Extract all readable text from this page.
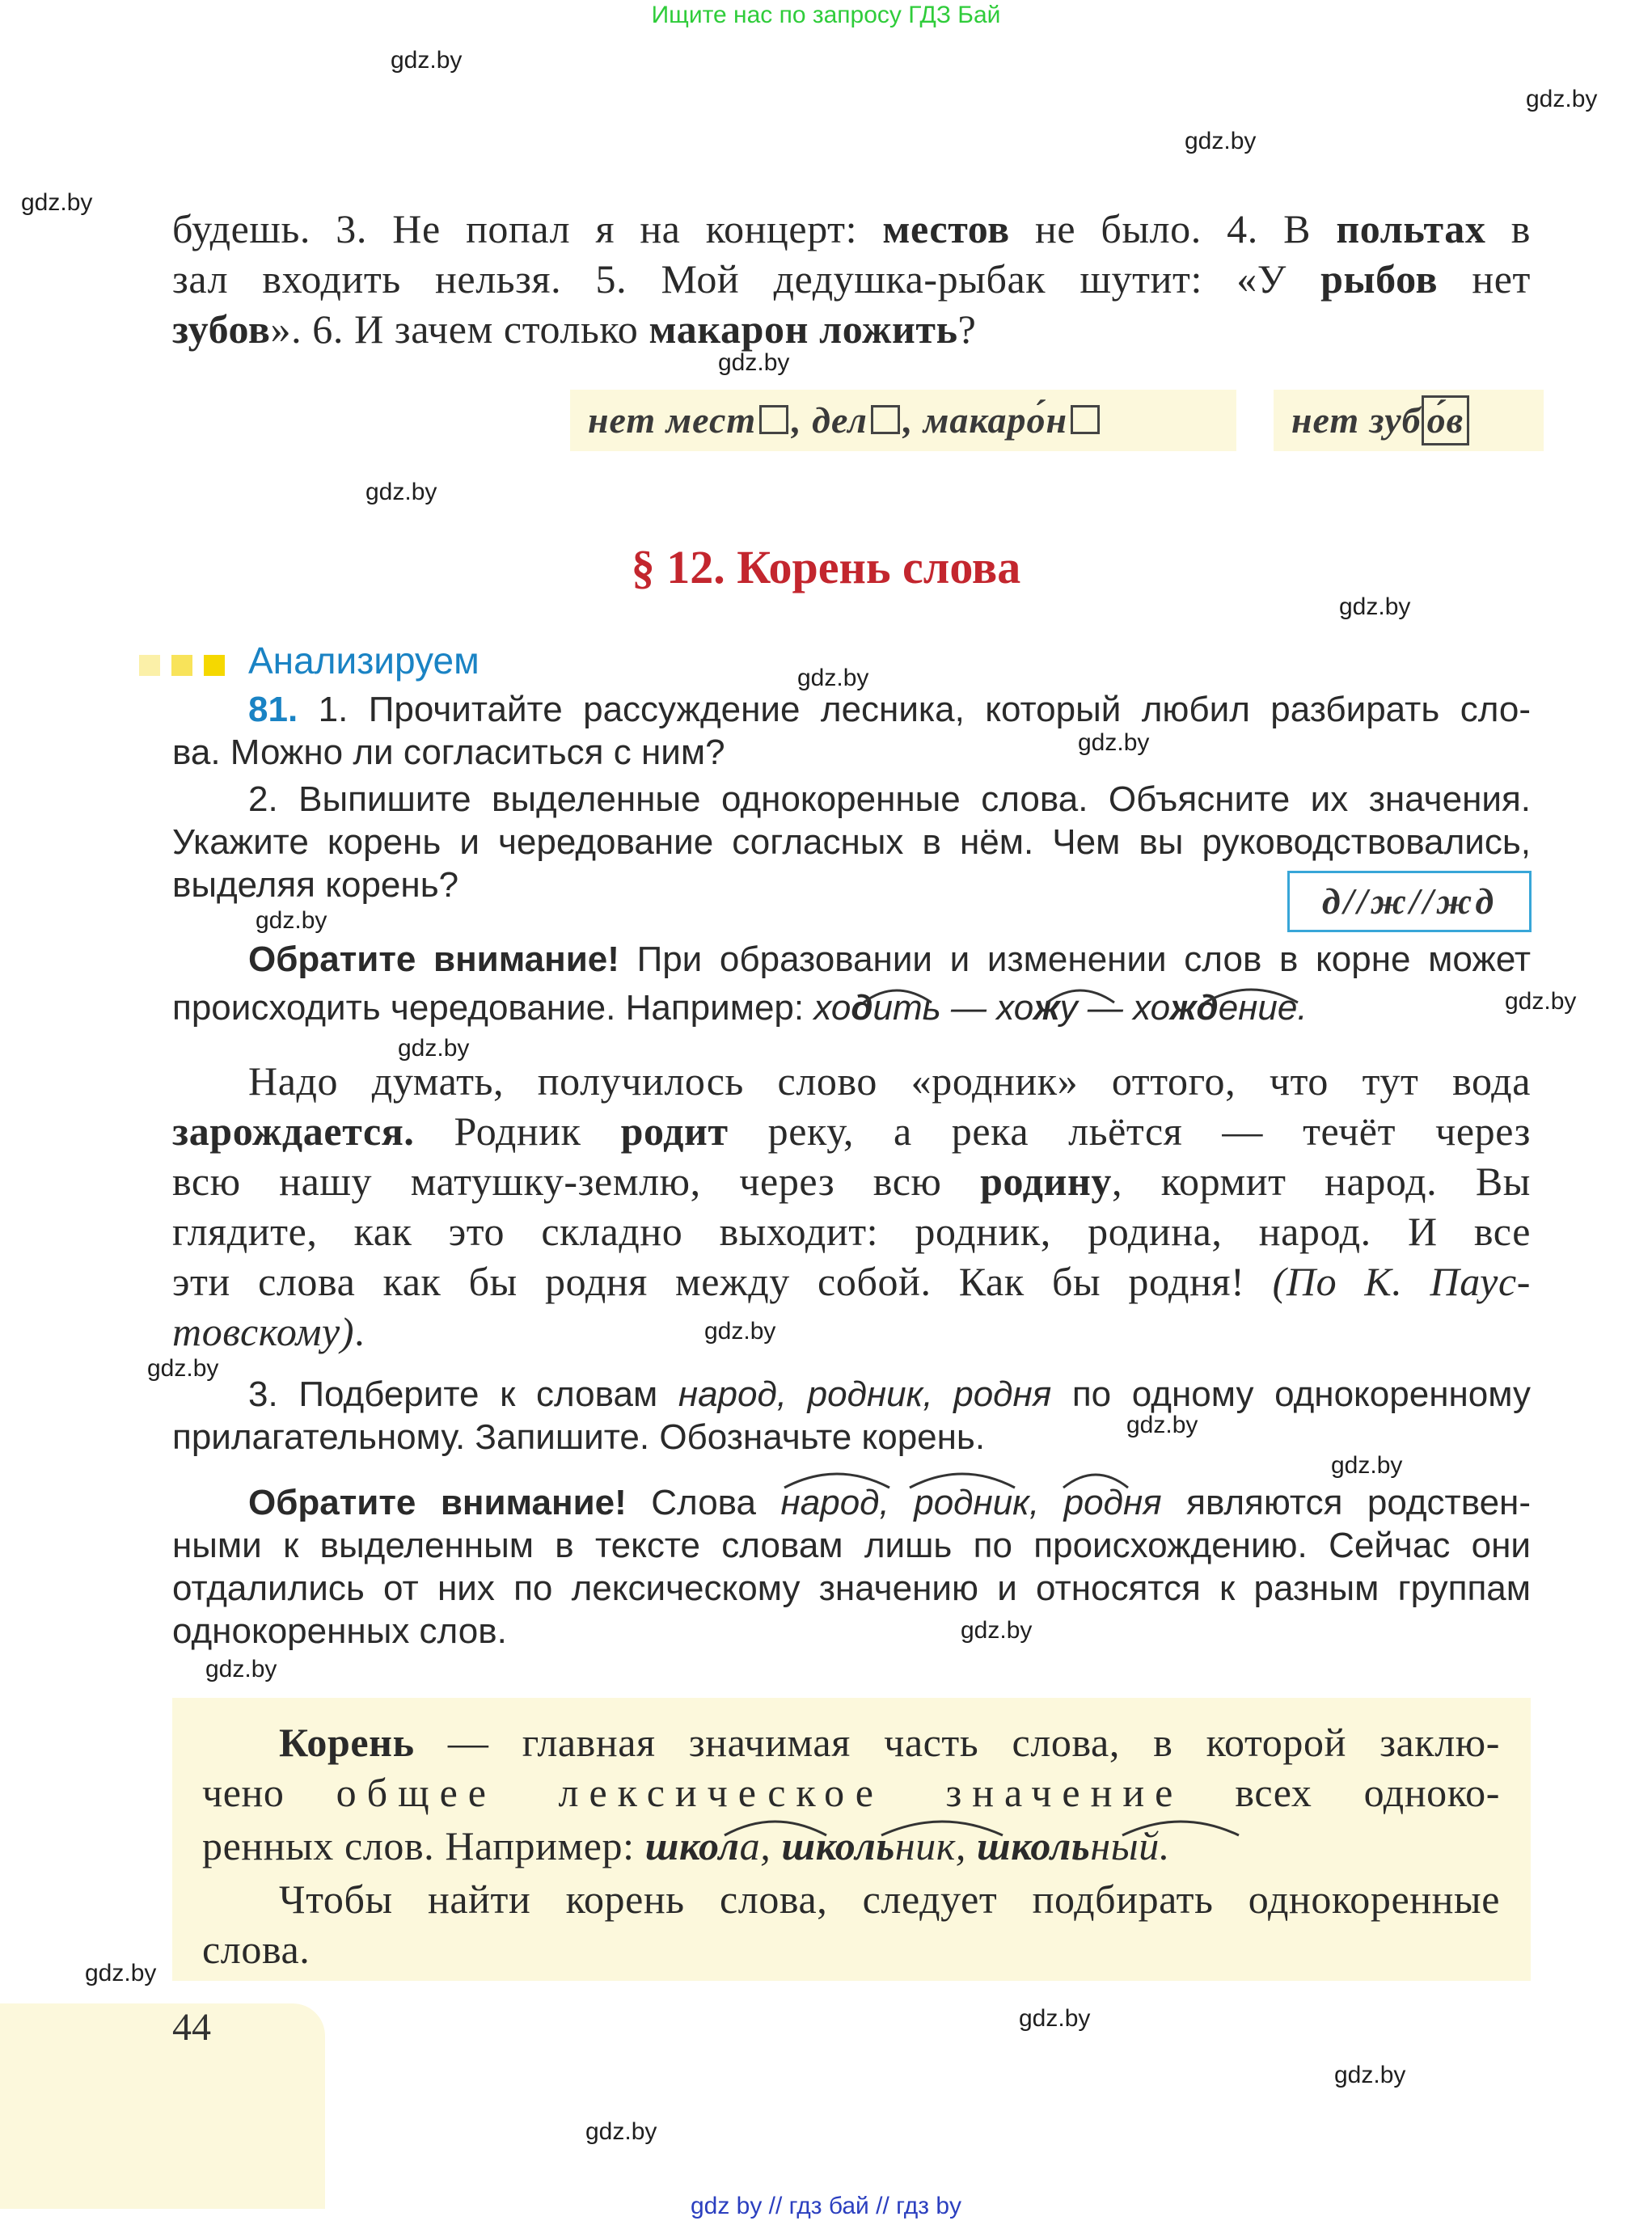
Ищите нас по запросу ГДЗ Бай
gdz.by
gdz.by
gdz.by
gdz.by
gdz.by
gdz.by
gdz.by
gdz.by
gdz.by
gdz.by
gdz.by
gdz.by
gdz.by
gdz.by
gdz.by
gdz.by
gdz.by
gdz.by
gdz.by
gdz.by
gdz.by
gdz.by
будешь. 3. Не попал я на концерт: местов не было. 4. В польтах в
зал входить нельзя. 5. Мой дедушка-рыбак шутит: «У рыбов нет
зубов». 6. И зачем столько макарон ложить?
нет мест , дел , макаро́н	нет зуб о́в
§ 12. Корень слова
Анализируем
81. 1. Прочитайте рассуждение лесника, который любил разбирать сло-
ва. Можно ли согласиться с ним?
2. Выпишите выделенные однокоренные слова. Объясните их значения.
Укажите корень и чередование согласных в нём. Чем вы руководствовались,
выделяя корень?	д//ж//жд
Обратите внимание! При образовании и изменении слов в корне может
происходить чередование. Например: ходить — хожу — хождение.
Надо думать, получилось слово «родник» оттого, что тут вода
зарождается. Родник родит реку, а река льётся — течёт через
всю нашу матушку-землю, через всю родину, кормит народ. Вы
глядите, как это складно выходит: родник, родина, народ. И все
эти слова как бы родня между собой. Как бы родня! (По К. Паус-
товскому).
3. Подберите к словам народ, родник, родня по одному однокоренному
прилагательному. Запишите. Обозначьте корень.
Обратите внимание! Слова народ, родник, родня являются родствен-
ными к выделенным в тексте словам лишь по происхождению. Сейчас они
отдалились от них по лексическому значению и относятся к разным группам
однокоренных слов.
Корень — главная значимая часть слова, в которой заклю-
чено общее лексическое значение всех одноко-
ренных слов. Например: школа, школьник, школьный.
Чтобы найти корень слова, следует подбирать однокоренные
слова.
44
gdz by // гдз бай // гдз by
